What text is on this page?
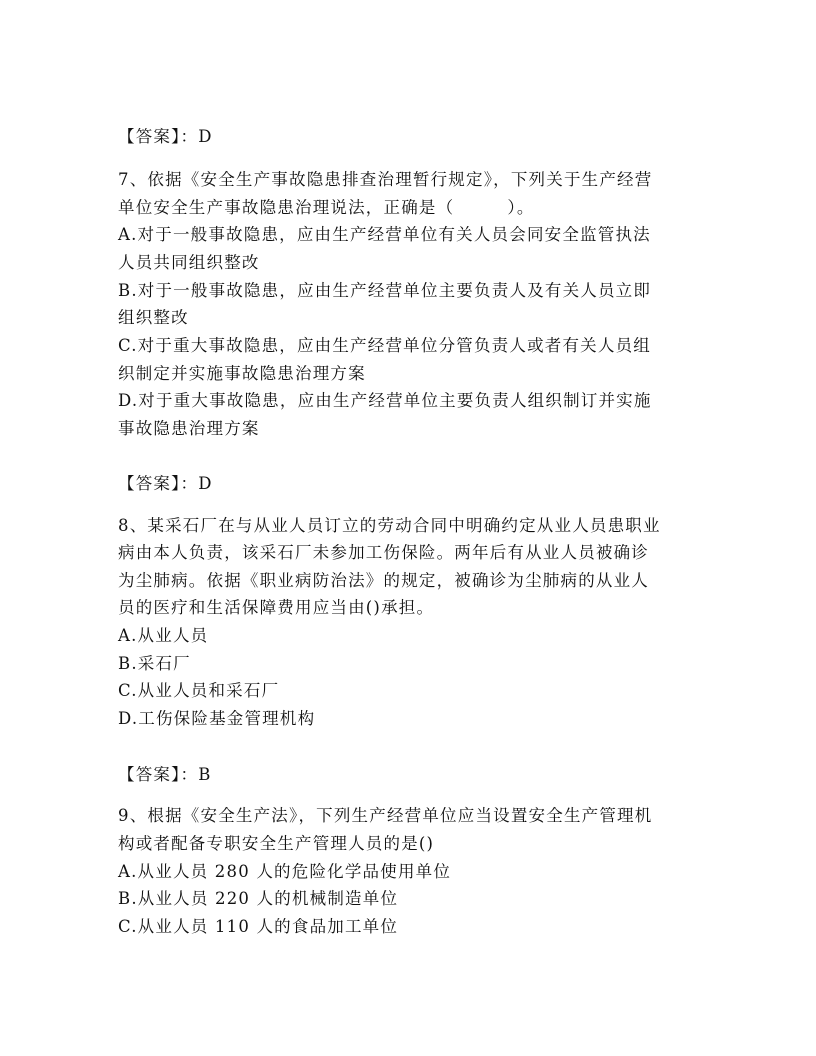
【答案】：D
7、依据《安全生产事故隐患排查治理暂行规定》，下列关于生产经营
单位安全生产事故隐患治理说法，正确是（　　　）。
A.对于一般事故隐患，应由生产经营单位有关人员会同安全监管执法
人员共同组织整改
B.对于一般事故隐患，应由生产经营单位主要负责人及有关人员立即
组织整改
C.对于重大事故隐患，应由生产经营单位分管负责人或者有关人员组
织制定并实施事故隐患治理方案
D.对于重大事故隐患，应由生产经营单位主要负责人组织制订并实施
事故隐患治理方案
【答案】：D
8、某采石厂在与从业人员订立的劳动合同中明确约定从业人员患职业
病由本人负责，该采石厂未参加工伤保险。两年后有从业人员被确诊
为尘肺病。依据《职业病防治法》的规定，被确诊为尘肺病的从业人
员的医疗和生活保障费用应当由()承担。
A.从业人员
B.采石厂
C.从业人员和采石厂
D.工伤保险基金管理机构
【答案】：B
9、根据《安全生产法》，下列生产经营单位应当设置安全生产管理机
构或者配备专职安全生产管理人员的是()
A.从业人员 280 人的危险化学品使用单位
B.从业人员 220 人的机械制造单位
C.从业人员 110 人的食品加工单位
